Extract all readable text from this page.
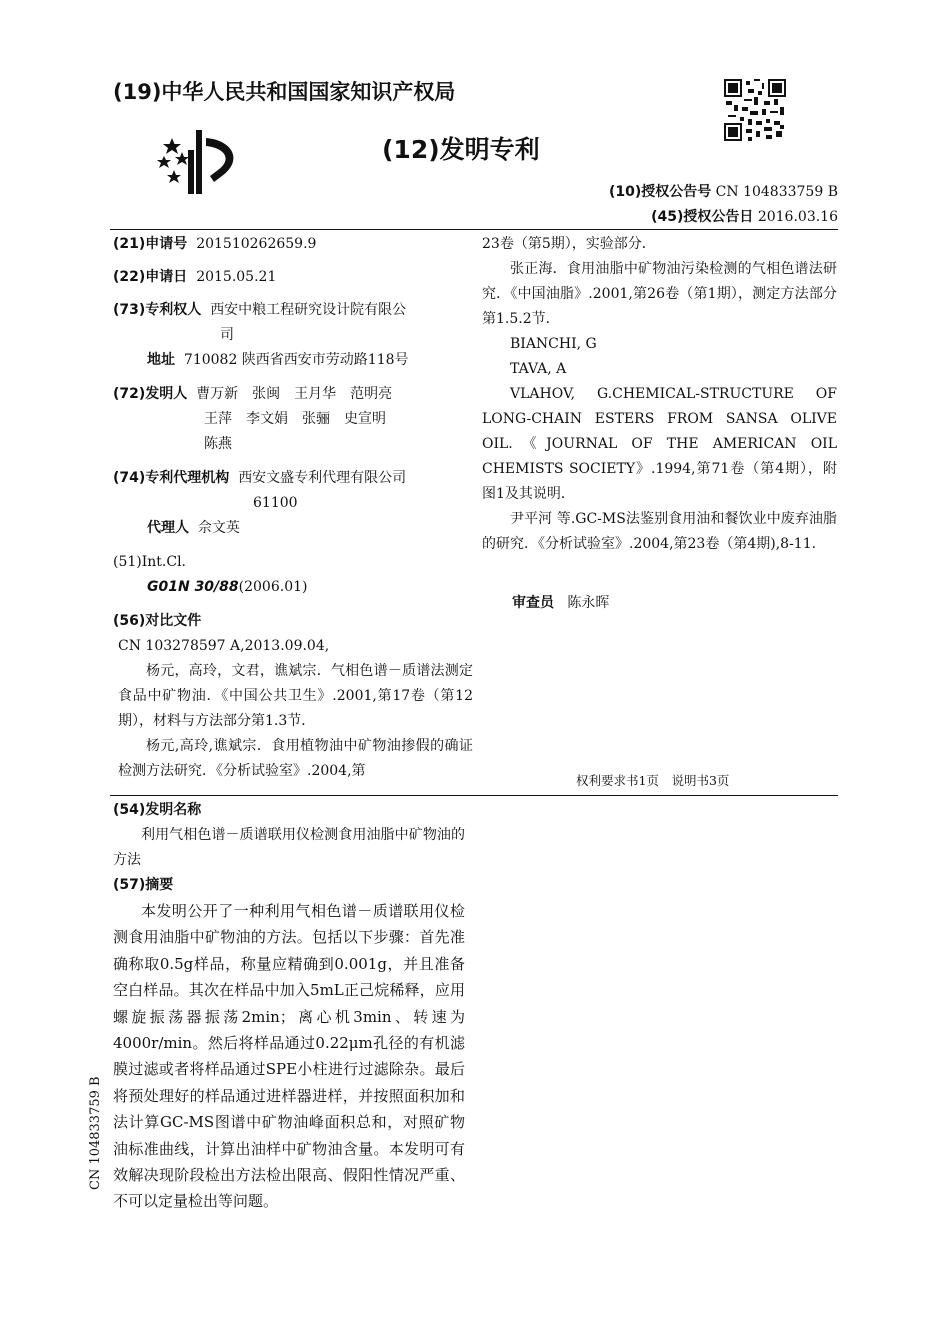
(19)中华人民共和国国家知识产权局
(12)发明专利
(10)授权公告号 CN 104833759 B
(45)授权公告日 2016.03.16
(21)申请号 201510262659.9
(22)申请日 2015.05.21
(73)专利权人 西安中粮工程研究设计院有限公
司
地址 710082 陕西省西安市劳动路118号
(72)发明人 曹万新　张闽　王月华　范明亮
王萍　李文娟　张骊　史宣明
陈燕
(74)专利代理机构 西安文盛专利代理有限公司
61100
代理人 佘文英
(51)Int.Cl.
G01N 30/88(2006.01)
(56)对比文件
CN 103278597 A,2013.09.04,
杨元，高玲，文君，谯斌宗．气相色谱－质谱法测定食品中矿物油．《中国公共卫生》.2001,第17卷（第12期），材料与方法部分第1.3节．
杨元,高玲,谯斌宗．食用植物油中矿物油掺假的确证检测方法研究．《分析试验室》.2004,第
23卷（第5期），实验部分．
张正海．食用油脂中矿物油污染检测的气相色谱法研究．《中国油脂》.2001,第26卷（第1期），测定方法部分第1.5.2节．
BIANCHI, G
TAVA, A
VLAHOV, G.CHEMICAL-STRUCTURE OF LONG-CHAIN ESTERS FROM SANSA OLIVE OIL.《JOURNAL OF THE AMERICAN OIL CHEMISTS SOCIETY》.1994,第71卷（第4期），附图1及其说明．
尹平河 等.GC-MS法鉴别食用油和餐饮业中废弃油脂的研究．《分析试验室》.2004,第23卷（第4期),8-11.
审查员 陈永晖
权利要求书1页　说明书3页
(54)发明名称
利用气相色谱－质谱联用仪检测食用油脂中矿物油的方法
(57)摘要
本发明公开了一种利用气相色谱－质谱联用仪检测食用油脂中矿物油的方法。包括以下步骤：首先准确称取0.5g样品，称量应精确到0.001g，并且准备空白样品。其次在样品中加入5mL正己烷稀释，应用螺旋振荡器振荡2min；离心机3min、转速为4000r/min。然后将样品通过0.22μm孔径的有机滤膜过滤或者将样品通过SPE小柱进行过滤除杂。最后将预处理好的样品通过进样器进样，并按照面积加和法计算GC-MS图谱中矿物油峰面积总和，对照矿物油标准曲线，计算出油样中矿物油含量。本发明可有效解决现阶段检出方法检出限高、假阳性情况严重、不可以定量检出等问题。
CN 104833759 B
